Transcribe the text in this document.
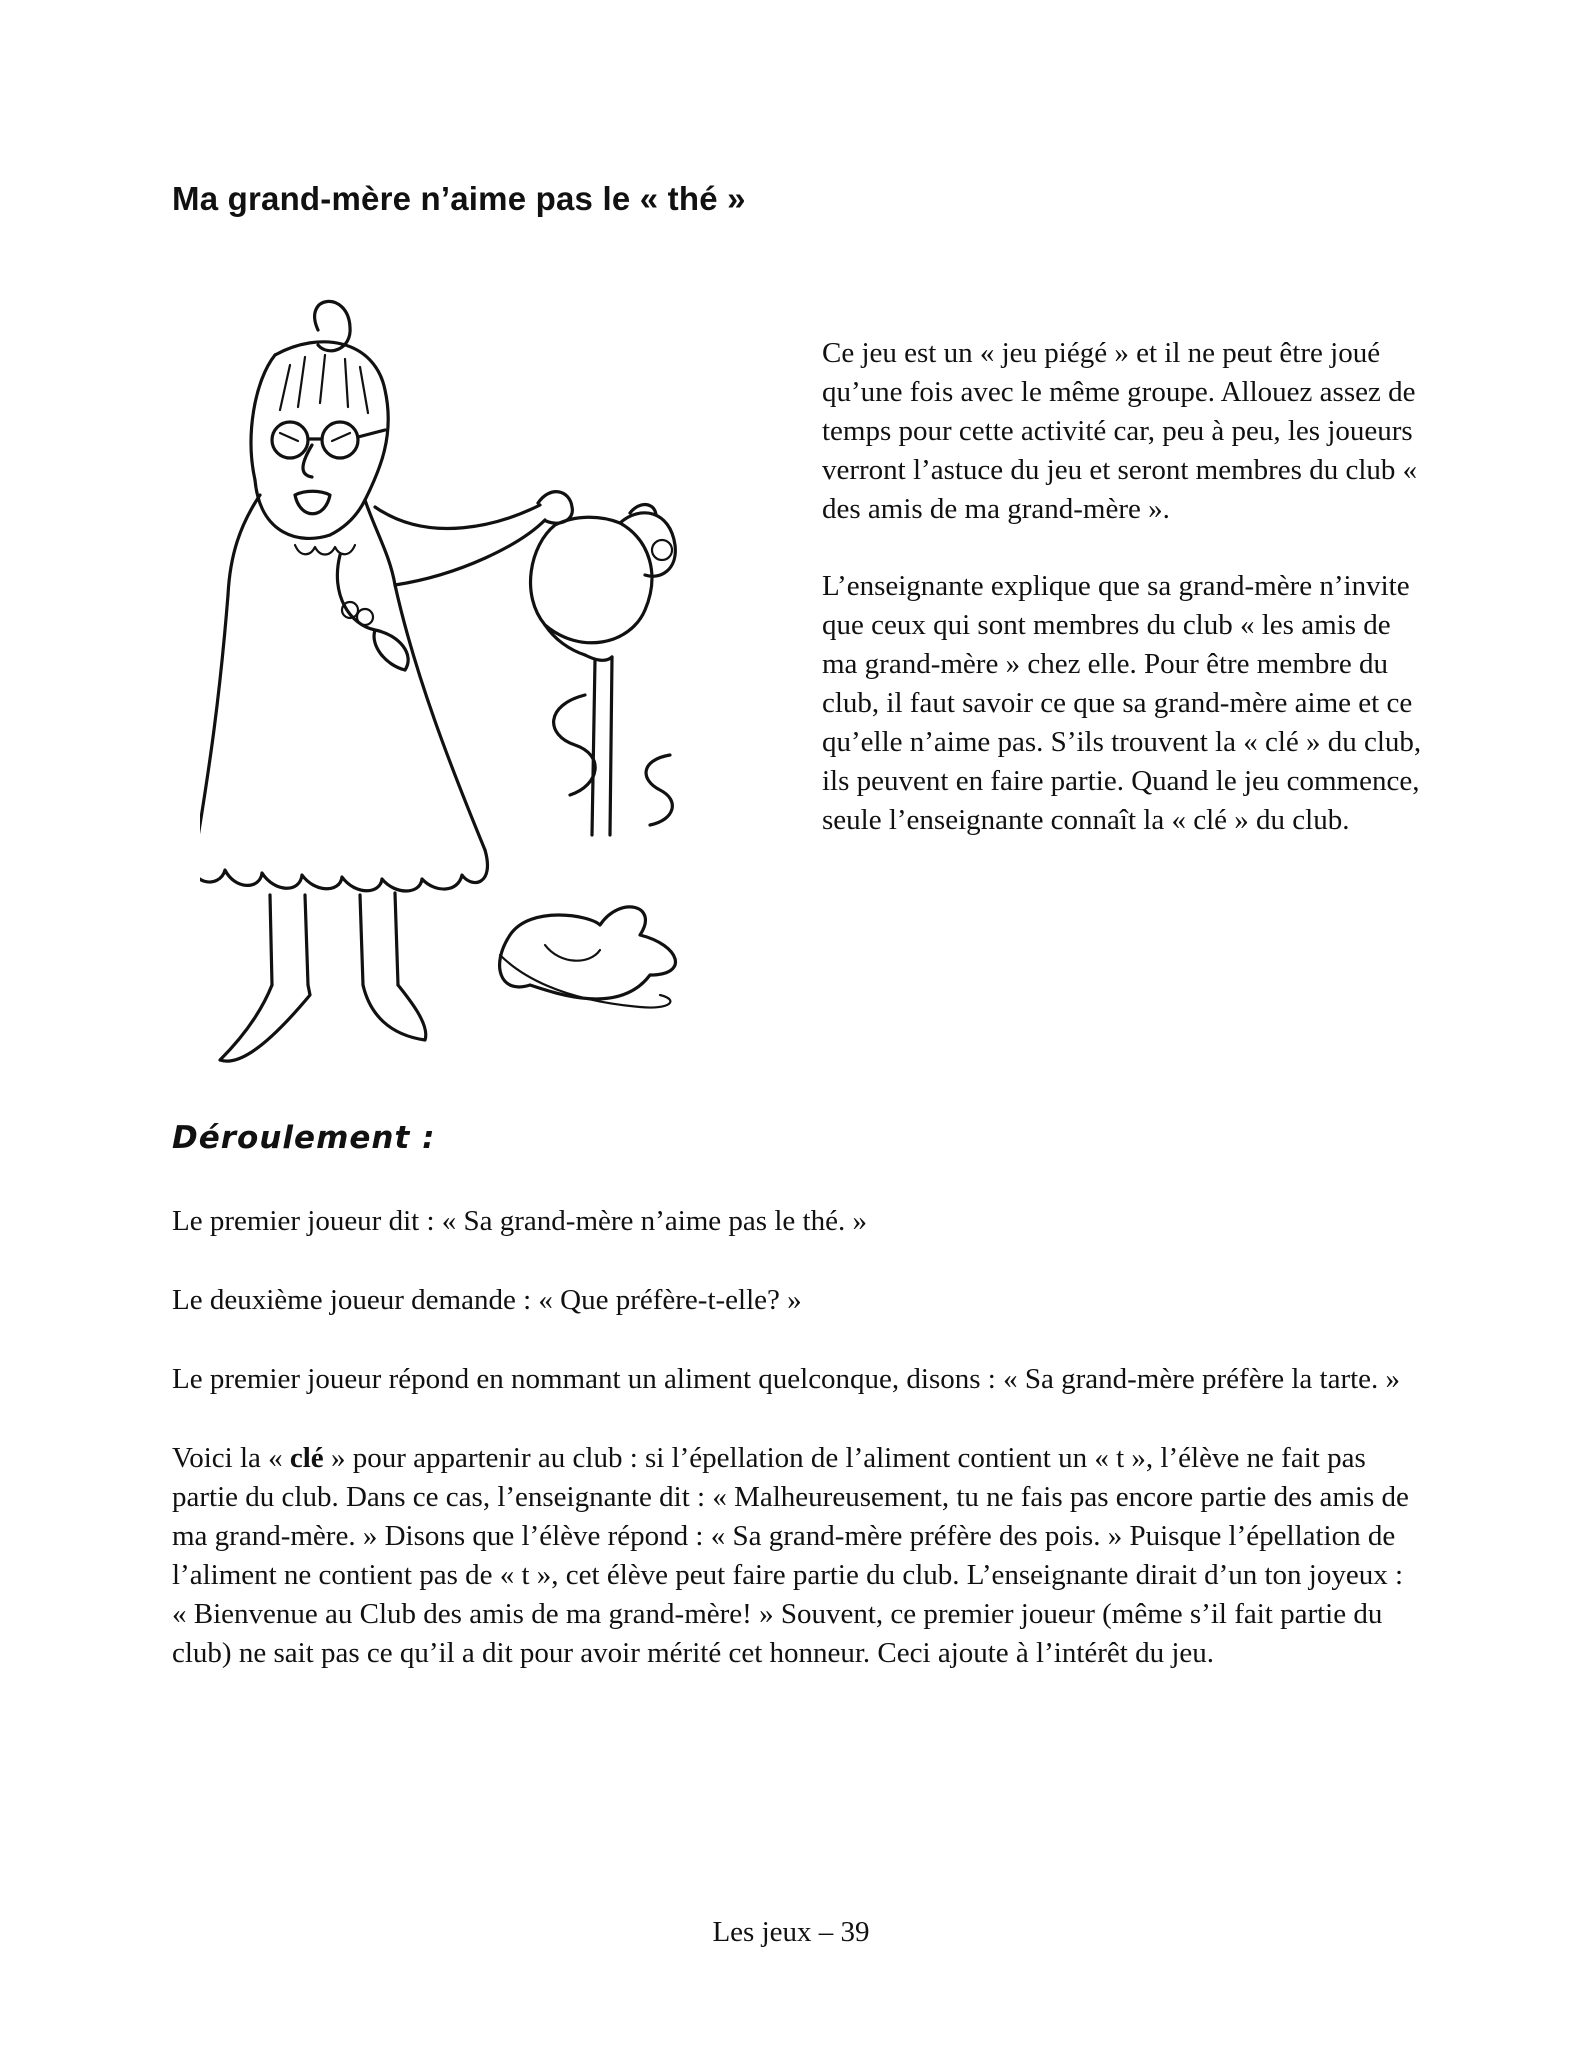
Ma grand-mère n’aime pas le « thé »

Ce jeu est un « jeu piégé » et il ne peut être joué qu’une fois avec le même groupe. Allouez assez de temps pour cette activité car, peu à peu, les joueurs verront l’astuce du jeu et seront membres du club « des amis de ma grand-mère ».

L’enseignante explique que sa grand-mère n’invite que ceux qui sont membres du club « les amis de ma grand-mère » chez elle. Pour être membre du club, il faut savoir ce que sa grand-mère aime et ce qu’elle n’aime pas. S’ils trouvent la « clé » du club, ils peuvent en faire partie. Quand le jeu commence, seule l’enseignante connaît la « clé » du club.

Déroulement :

Le premier joueur dit : « Sa grand-mère n’aime pas le thé. »

Le deuxième joueur demande : « Que préfère-t-elle? »

Le premier joueur répond en nommant un aliment quelconque, disons : « Sa grand-mère préfère la tarte. »

Voici la « clé » pour appartenir au club : si l’épellation de l’aliment contient un « t », l’élève ne fait pas partie du club. Dans ce cas, l’enseignante dit : « Malheureusement, tu ne fais pas encore partie des amis de ma grand-mère. » Disons que l’élève répond : « Sa grand-mère préfère des pois. » Puisque l’épellation de l’aliment ne contient pas de « t », cet élève peut faire partie du club. L’enseignante dirait d’un ton joyeux : « Bienvenue au Club des amis de ma grand-mère! » Souvent, ce premier joueur (même s’il fait partie du club) ne sait pas ce qu’il a dit pour avoir mérité cet honneur. Ceci ajoute à l’intérêt du jeu.

Les jeux – 39
